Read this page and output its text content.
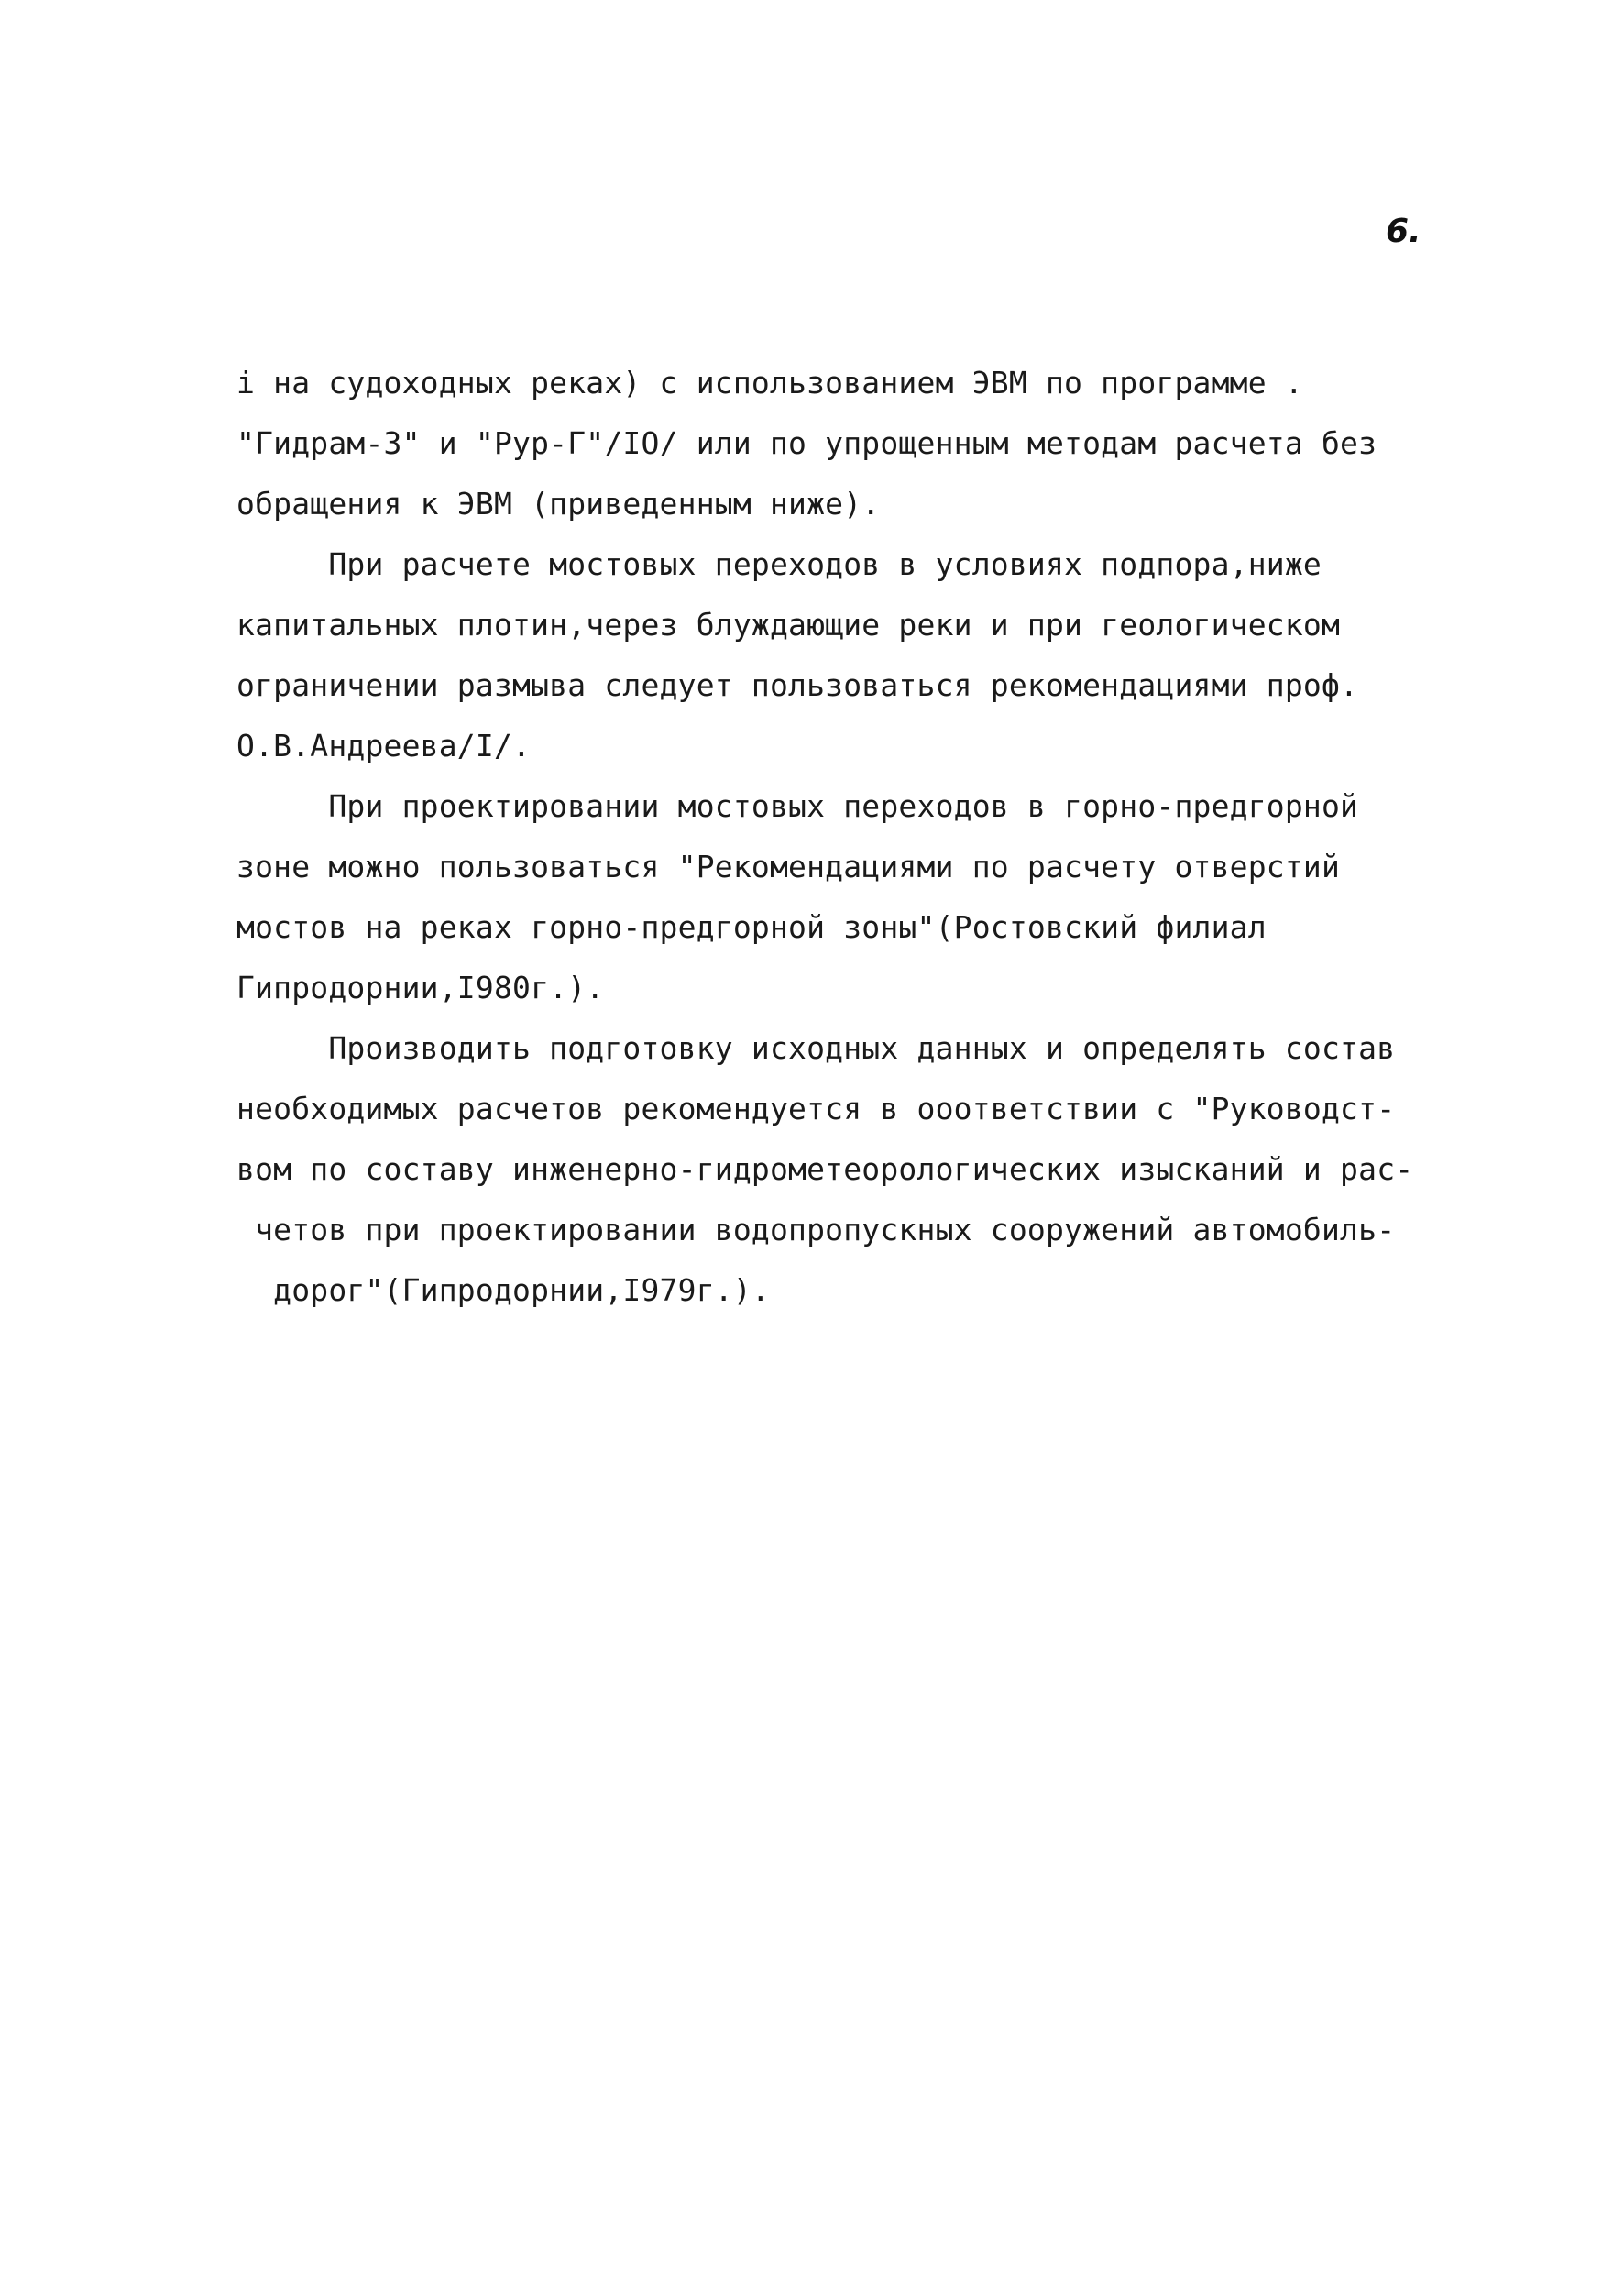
6.
і на судоходных реках) с использованием ЭВМ по программе .
"Гидрам-3" и "Рур-Г"/IO/ или по упрощенным методам расчета без
обращения к ЭВМ (приведенным ниже).
При расчете мостовых переходов в условиях подпора,ниже
капитальных плотин,через блуждающие реки и при геологическом
ограничении размыва следует пользоваться рекомендациями проф.
О.В.Андреева/I/.
При проектировании мостовых переходов в горно-предгорной
зоне можно пользоваться "Рекомендациями по расчету отверстий
мостов на реках горно-предгорной зоны"(Ростовский филиал
Гипродорнии,I980г.).
Производить подготовку исходных данных и определять состав
необходимых расчетов рекомендуется в ооответствии с "Руководст-
вом по составу инженерно-гидрометеорологических изысканий и рас-
четов при проектировании водопропускных сооружений автомобиль-
дорог"(Гипродорнии,I979г.).
